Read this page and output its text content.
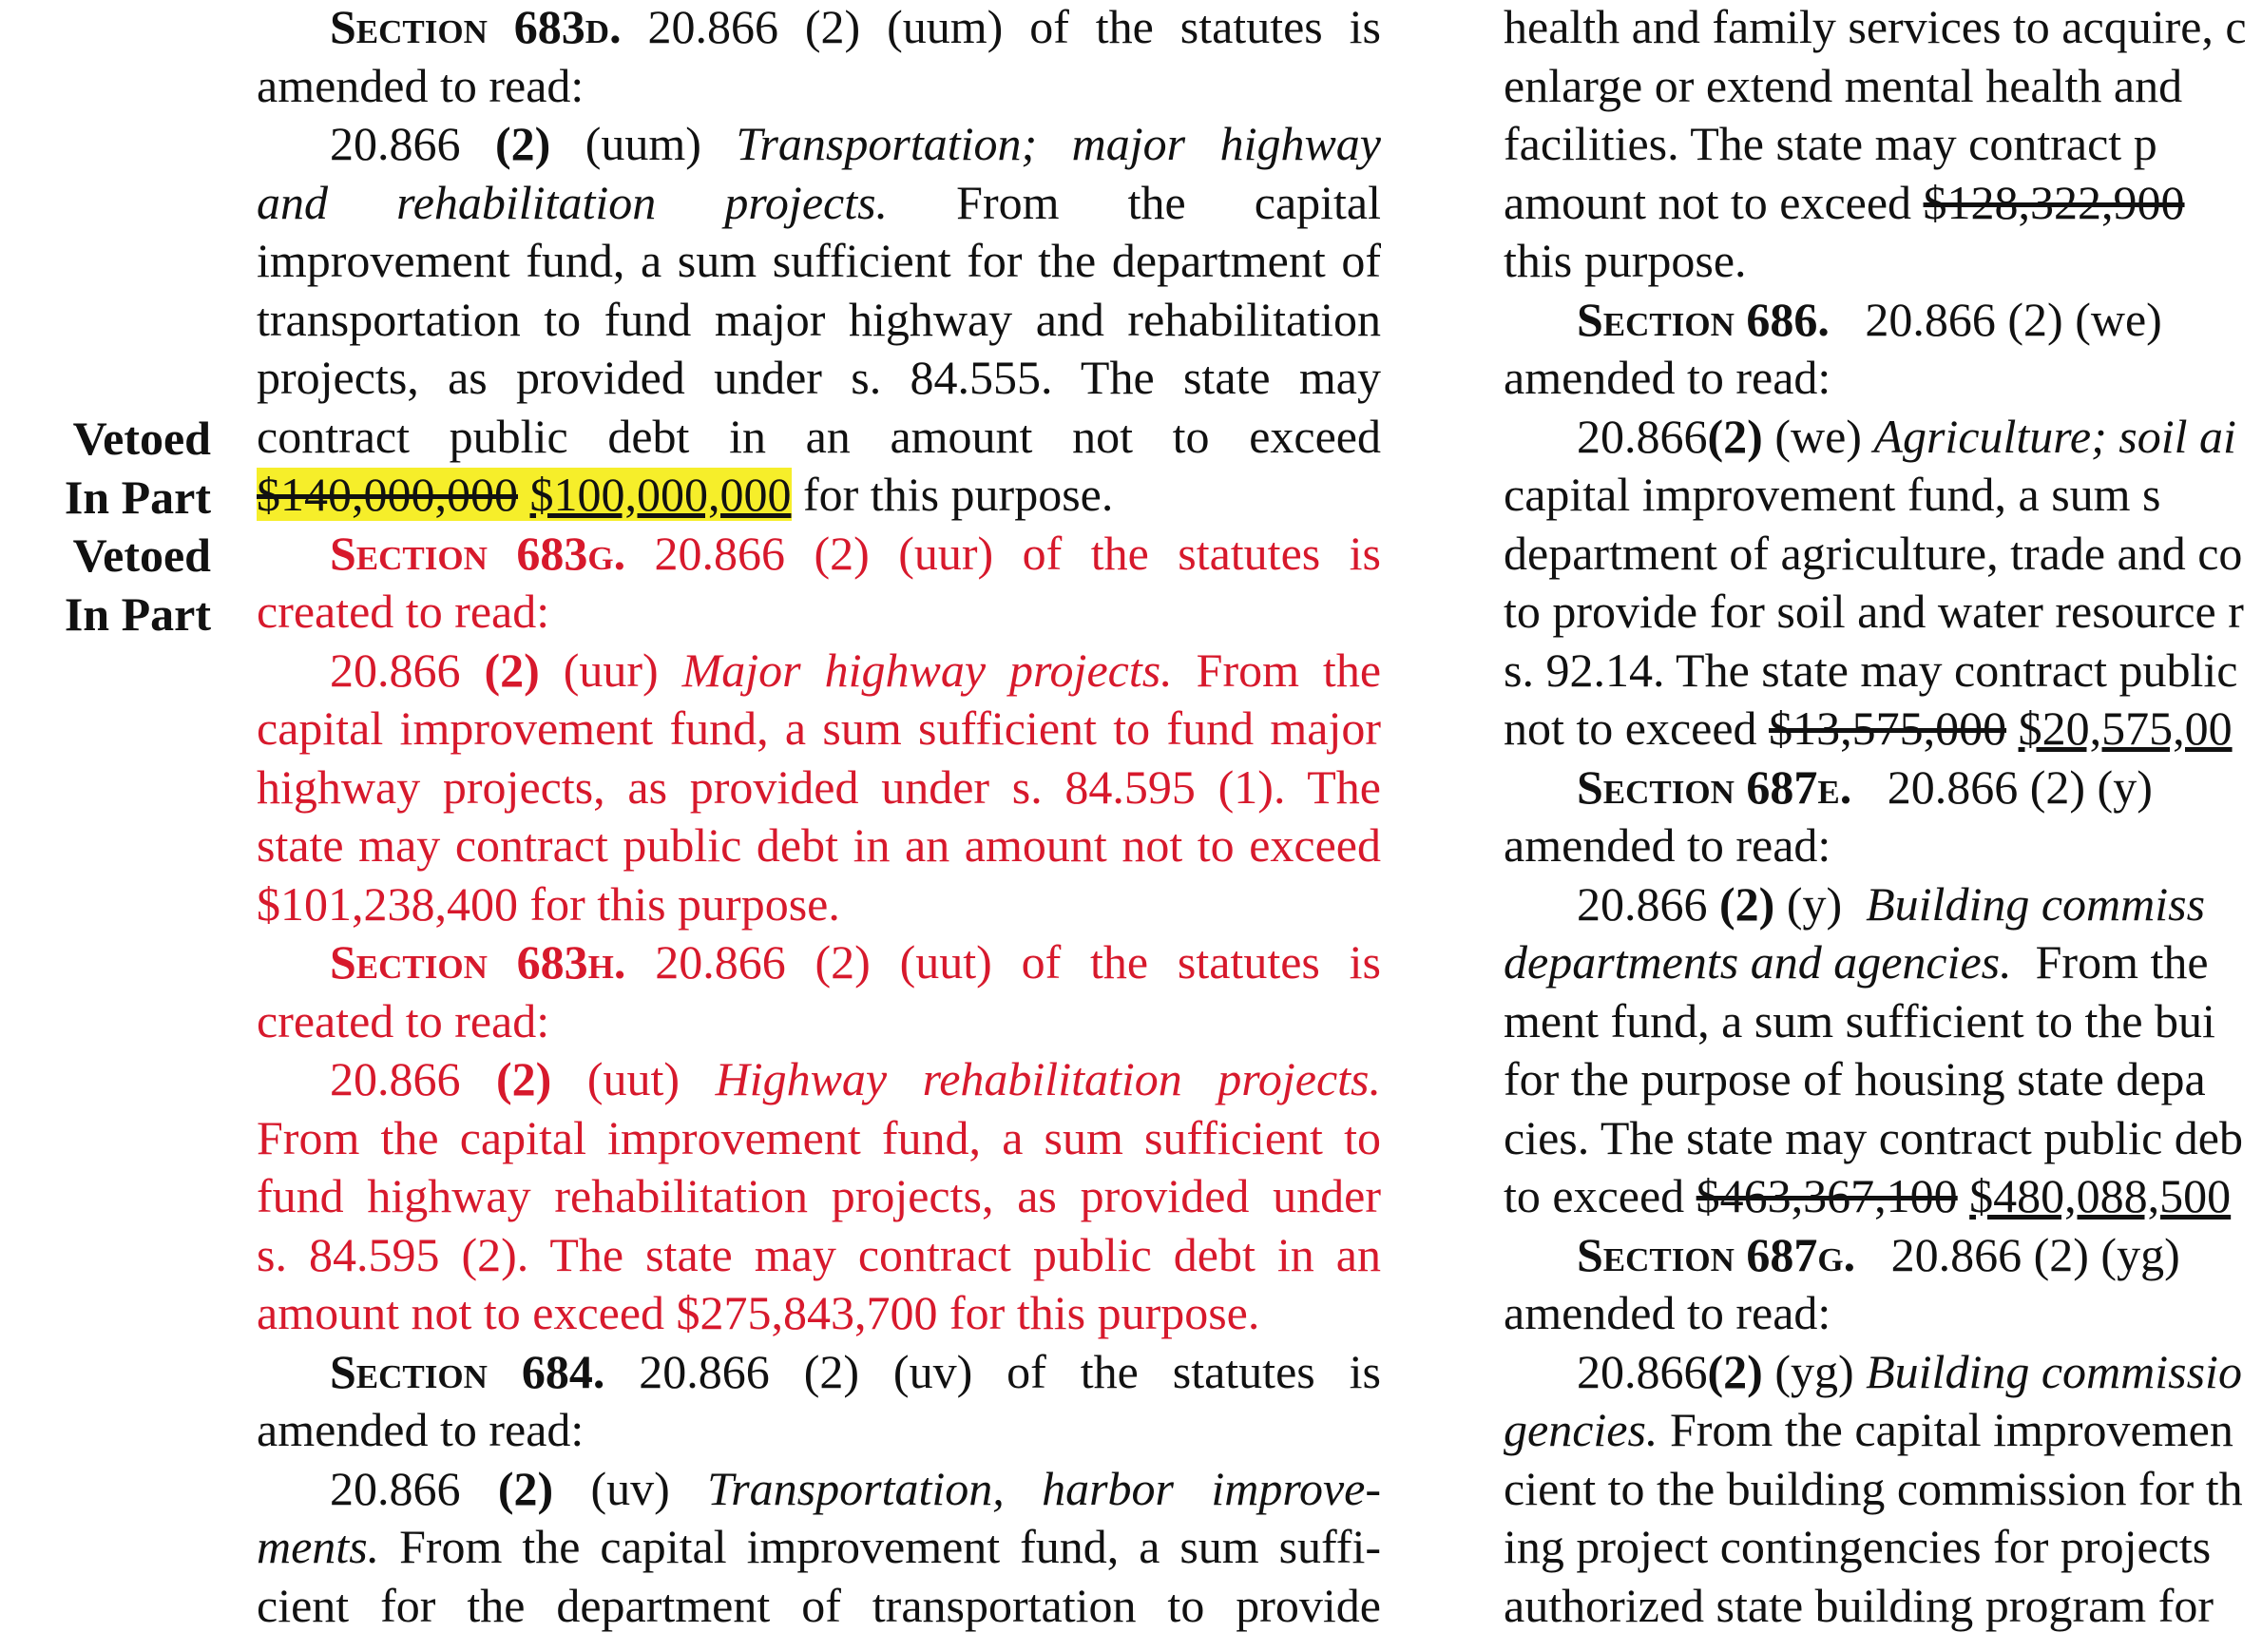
Vetoed
In Part
Vetoed
In Part
Section 683d. 20.866 (2) (uum) of the statutes is
amended to read:
20.866 (2) (uum) Transportation; major highway
and rehabilitation projects. From the capital
improvement fund, a sum sufficient for the department of
transportation to fund major highway and rehabilitation
projects, as provided under s. 84.555. The state may
contract public debt in an amount not to exceed
$140,000,000 $100,000,000 for this purpose.
Section 683g. 20.866 (2) (uur) of the statutes is
created to read:
20.866 (2) (uur) Major highway projects. From the
capital improvement fund, a sum sufficient to fund major
highway projects, as provided under s. 84.595 (1). The
state may contract public debt in an amount not to exceed
$101,238,400 for this purpose.
Section 683h. 20.866 (2) (uut) of the statutes is
created to read:
20.866 (2) (uut) Highway rehabilitation projects.
From the capital improvement fund, a sum sufficient to
fund highway rehabilitation projects, as provided under
s. 84.595 (2). The state may contract public debt in an
amount not to exceed $275,843,700 for this purpose.
Section 684. 20.866 (2) (uv) of the statutes is
amended to read:
20.866 (2) (uv) Transportation, harbor improve-
ments. From the capital improvement fund, a sum suffi-
cient for the department of transportation to provide
health and family services to acquire, c
enlarge or extend mental health and
facilities. The state may contract p
amount not to exceed $128,322,900
this purpose.
Section 686. 20.866 (2) (we)
amended to read:
20.866(2) (we) Agriculture; soil ai
capital improvement fund, a sum s
department of agriculture, trade and co
to provide for soil and water resource r
s. 92.14. The state may contract public
not to exceed $13,575,000 $20,575,00
Section 687e. 20.866 (2) (y)
amended to read:
20.866 (2) (y) Building commiss
departments and agencies. From the
ment fund, a sum sufficient to the bui
for the purpose of housing state depa
cies. The state may contract public deb
to exceed $463,367,100 $480,088,500
Section 687g. 20.866 (2) (yg)
amended to read:
20.866(2) (yg) Building commissio
gencies. From the capital improvemen
cient to the building commission for th
ing project contingencies for projects
authorized state building program for
